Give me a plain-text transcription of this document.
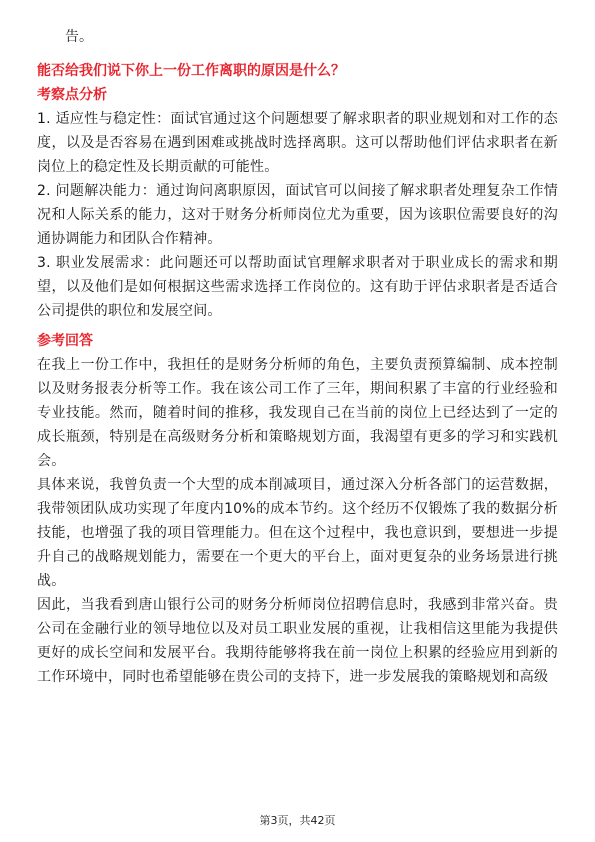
告。

能否给我们说下你上一份工作离职的原因是什么？

考察点分析

1. 适应性与稳定性：面试官通过这个问题想要了解求职者的职业规划和对工作的态度，以及是否容易在遇到困难或挑战时选择离职。这可以帮助他们评估求职者在新岗位上的稳定性及长期贡献的可能性。

2. 问题解决能力：通过询问离职原因，面试官可以间接了解求职者处理复杂工作情况和人际关系的能力，这对于财务分析师岗位尤为重要，因为该职位需要良好的沟通协调能力和团队合作精神。

3. 职业发展需求：此问题还可以帮助面试官理解求职者对于职业成长的需求和期望，以及他们是如何根据这些需求选择工作岗位的。这有助于评估求职者是否适合公司提供的职位和发展空间。

参考回答

在我上一份工作中，我担任的是财务分析师的角色，主要负责预算编制、成本控制以及财务报表分析等工作。我在该公司工作了三年，期间积累了丰富的行业经验和专业技能。然而，随着时间的推移，我发现自己在当前的岗位上已经达到了一定的成长瓶颈，特别是在高级财务分析和策略规划方面，我渴望有更多的学习和实践机会。

具体来说，我曾负责一个大型的成本削减项目，通过深入分析各部门的运营数据，我带领团队成功实现了年度内10%的成本节约。这个经历不仅锻炼了我的数据分析技能，也增强了我的项目管理能力。但在这个过程中，我也意识到，要想进一步提升自己的战略规划能力，需要在一个更大的平台上，面对更复杂的业务场景进行挑战。

因此，当我看到唐山银行公司的财务分析师岗位招聘信息时，我感到非常兴奋。贵公司在金融行业的领导地位以及对员工职业发展的重视，让我相信这里能为我提供更好的成长空间和发展平台。我期待能够将我在前一岗位上积累的经验应用到新的工作环境中，同时也希望能够在贵公司的支持下，进一步发展我的策略规划和高级

第3页，共42页
